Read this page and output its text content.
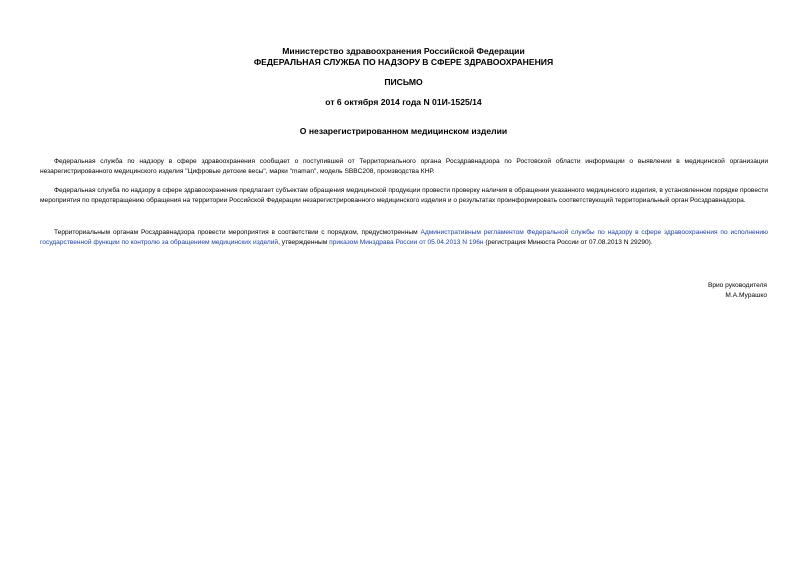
Министерство здравоохранения Российской Федерации
ФЕДЕРАЛЬНАЯ СЛУЖБА ПО НАДЗОРУ В СФЕРЕ ЗДРАВООХРАНЕНИЯ
ПИСЬМО
от 6 октября 2014 года N 01И-1525/14
О незарегистрированном медицинском изделии

Федеральная служба по надзору в сфере здравоохранения сообщает о поступившей от Территориального органа Росздравнадзора по Ростовской области информации о выявлении в медицинской организации незарегистрированного медицинского изделия "Цифровые детские весы", марки "maman", модель SBBC208, производства КНР.

Федеральная служба по надзору в сфере здравоохранения предлагает субъектам обращения медицинской продукции провести проверку наличия в обращении указанного медицинского изделия, в установленном порядке провести мероприятия по предотвращению обращения на территории Российской Федерации незарегистрированного медицинского изделия и о результатах проинформировать соответствующий территориальный орган Росздравнадзора.

Территориальным органам Росздравнадзора провести мероприятия в соответствии с порядком, предусмотренным Административным регламентом Федеральной службы по надзору в сфере здравоохранения по исполнению государственной функции по контролю за обращением медицинских изделий, утвержденным приказом Минздрава России от 05.04.2013 N 196н (регистрация Минюста России от 07.08.2013 N 29290).

Врио руководителя
М.А.Мурашко
